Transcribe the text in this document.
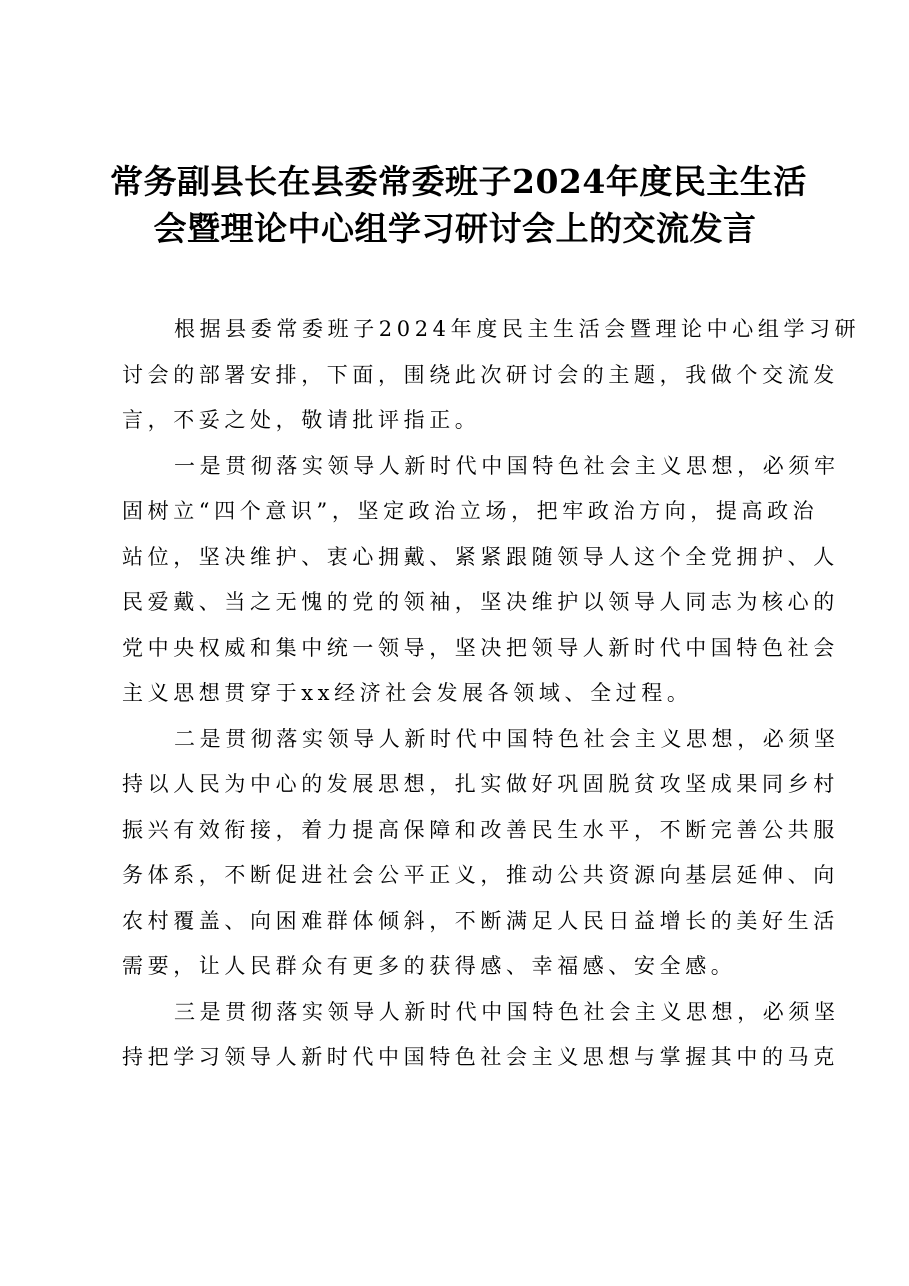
常务副县长在县委常委班子2024年度民主生活
会暨理论中心组学习研讨会上的交流发言

根据县委常委班子2024年度民主生活会暨理论中心组学习研
讨会的部署安排，下面，围绕此次研讨会的主题，我做个交流发
言，不妥之处，敬请批评指正。

一是贯彻落实领导人新时代中国特色社会主义思想，必须牢
固树立“四个意识”，坚定政治立场，把牢政治方向，提高政治
站位，坚决维护、衷心拥戴、紧紧跟随领导人这个全党拥护、人
民爱戴、当之无愧的党的领袖，坚决维护以领导人同志为核心的
党中央权威和集中统一领导，坚决把领导人新时代中国特色社会
主义思想贯穿于xx经济社会发展各领域、全过程。

二是贯彻落实领导人新时代中国特色社会主义思想，必须坚
持以人民为中心的发展思想，扎实做好巩固脱贫攻坚成果同乡村
振兴有效衔接，着力提高保障和改善民生水平，不断完善公共服
务体系，不断促进社会公平正义，推动公共资源向基层延伸、向
农村覆盖、向困难群体倾斜，不断满足人民日益增长的美好生活
需要，让人民群众有更多的获得感、幸福感、安全感。

三是贯彻落实领导人新时代中国特色社会主义思想，必须坚
持把学习领导人新时代中国特色社会主义思想与掌握其中的马克
